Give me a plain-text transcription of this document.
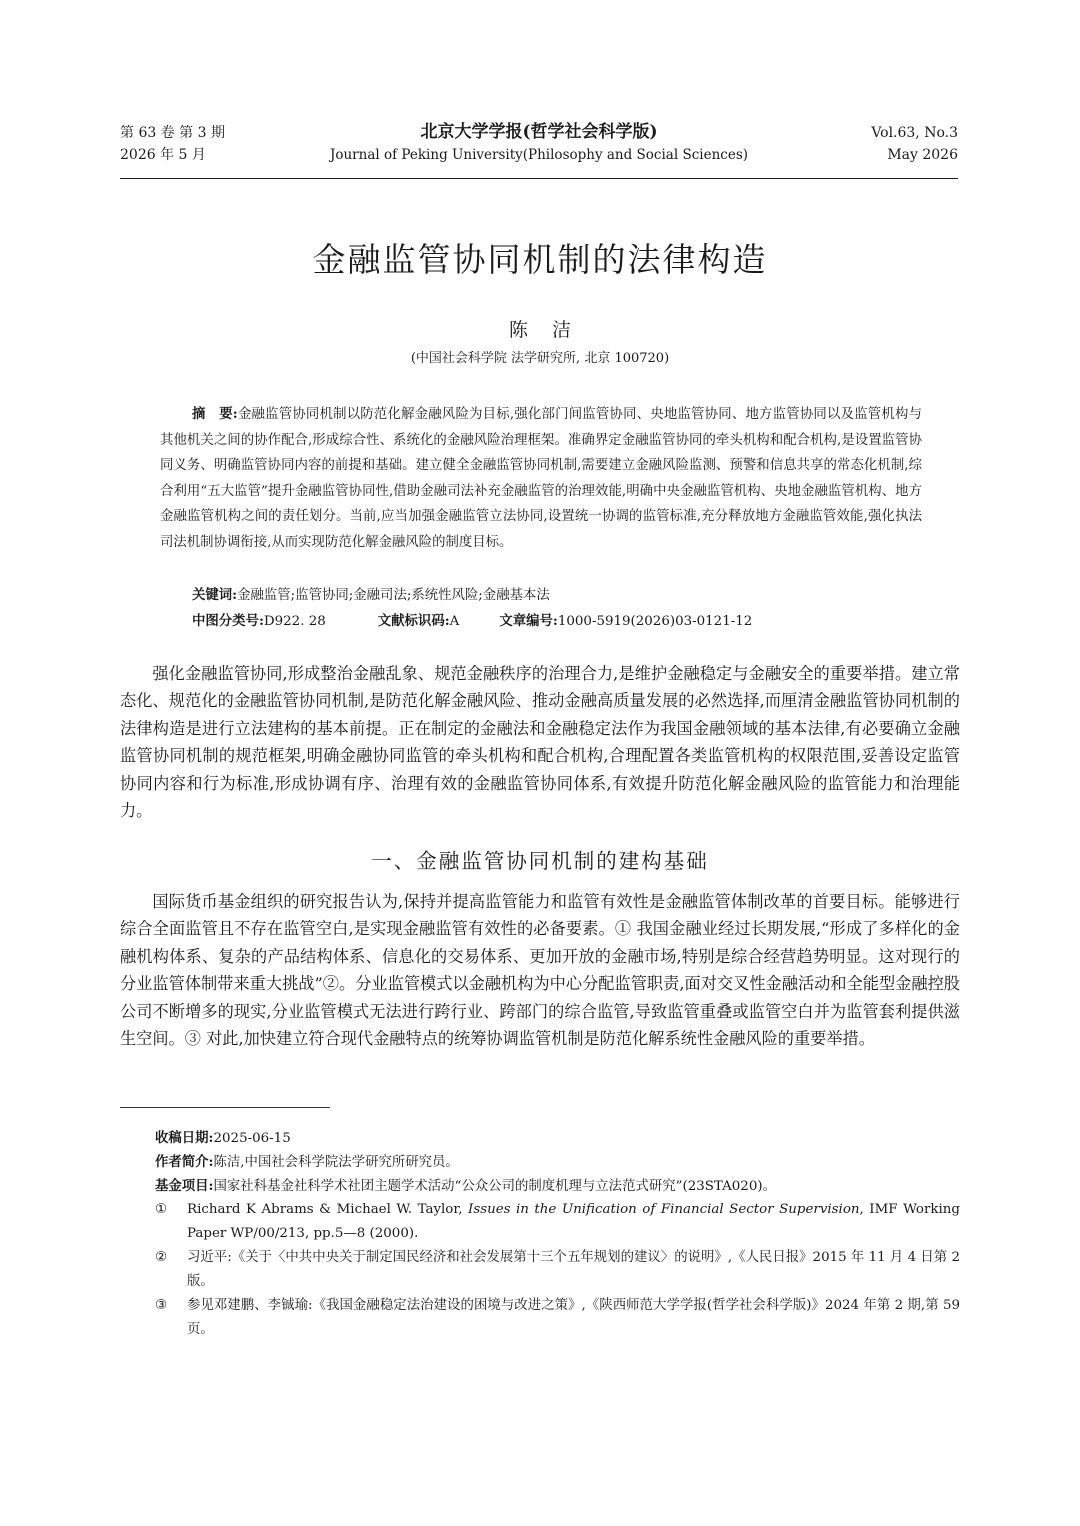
第 63 卷 第 3 期
2026 年 5 月
北京大学学报(哲学社会科学版)
Journal of Peking University(Philosophy and Social Sciences)
Vol.63, No.3
May 2026
金融监管协同机制的法律构造
陈洁
(中国社会科学院 法学研究所, 北京 100720)
摘　要:金融监管协同机制以防范化解金融风险为目标,强化部门间监管协同、央地监管协同、地方监管协同以及监管机构与其他机关之间的协作配合,形成综合性、系统化的金融风险治理框架。准确界定金融监管协同的牵头机构和配合机构,是设置监管协同义务、明确监管协同内容的前提和基础。建立健全金融监管协同机制,需要建立金融风险监测、预警和信息共享的常态化机制,综合利用“五大监管”提升金融监管协同性,借助金融司法补充金融监管的治理效能,明确中央金融监管机构、央地金融监管机构、地方金融监管机构之间的责任划分。当前,应当加强金融监管立法协同,设置统一协调的监管标准,充分释放地方金融监管效能,强化执法司法机制协调衔接,从而实现防范化解金融风险的制度目标。
关键词:金融监管;监管协同;金融司法;系统性风险;金融基本法
中图分类号:D922. 28	文献标识码:A	文章编号:1000-5919(2026)03-0121-12
强化金融监管协同,形成整治金融乱象、规范金融秩序的治理合力,是维护金融稳定与金融安全的重要举措。建立常态化、规范化的金融监管协同机制,是防范化解金融风险、推动金融高质量发展的必然选择,而厘清金融监管协同机制的法律构造是进行立法建构的基本前提。正在制定的金融法和金融稳定法作为我国金融领域的基本法律,有必要确立金融监管协同机制的规范框架,明确金融协同监管的牵头机构和配合机构,合理配置各类监管机构的权限范围,妥善设定监管协同内容和行为标准,形成协调有序、治理有效的金融监管协同体系,有效提升防范化解金融风险的监管能力和治理能力。
一、金融监管协同机制的建构基础
国际货币基金组织的研究报告认为,保持并提高监管能力和监管有效性是金融监管体制改革的首要目标。能够进行综合全面监管且不存在监管空白,是实现金融监管有效性的必备要素。① 我国金融业经过长期发展,“形成了多样化的金融机构体系、复杂的产品结构体系、信息化的交易体系、更加开放的金融市场,特别是综合经营趋势明显。这对现行的分业监管体制带来重大挑战”②。分业监管模式以金融机构为中心分配监管职责,面对交叉性金融活动和全能型金融控股公司不断增多的现实,分业监管模式无法进行跨行业、跨部门的综合监管,导致监管重叠或监管空白并为监管套利提供滋生空间。③ 对此,加快建立符合现代金融特点的统筹协调监管机制是防范化解系统性金融风险的重要举措。
收稿日期:2025-06-15
作者简介:陈洁,中国社会科学院法学研究所研究员。
基金项目:国家社科基金社科学术社团主题学术活动“公众公司的制度机理与立法范式研究”(23STA020)。
① Richard K Abrams & Michael W. Taylor, Issues in the Unification of Financial Sector Supervision, IMF Working Paper WP/00/213, pp.5—8 (2000).
② 习近平:《关于〈中共中央关于制定国民经济和社会发展第十三个五年规划的建议〉的说明》,《人民日报》2015 年 11 月 4 日第 2 版。
③ 参见邓建鹏、李铖瑜:《我国金融稳定法治建设的困境与改进之策》,《陕西师范大学学报(哲学社会科学版)》2024 年第 2 期,第 59 页。
